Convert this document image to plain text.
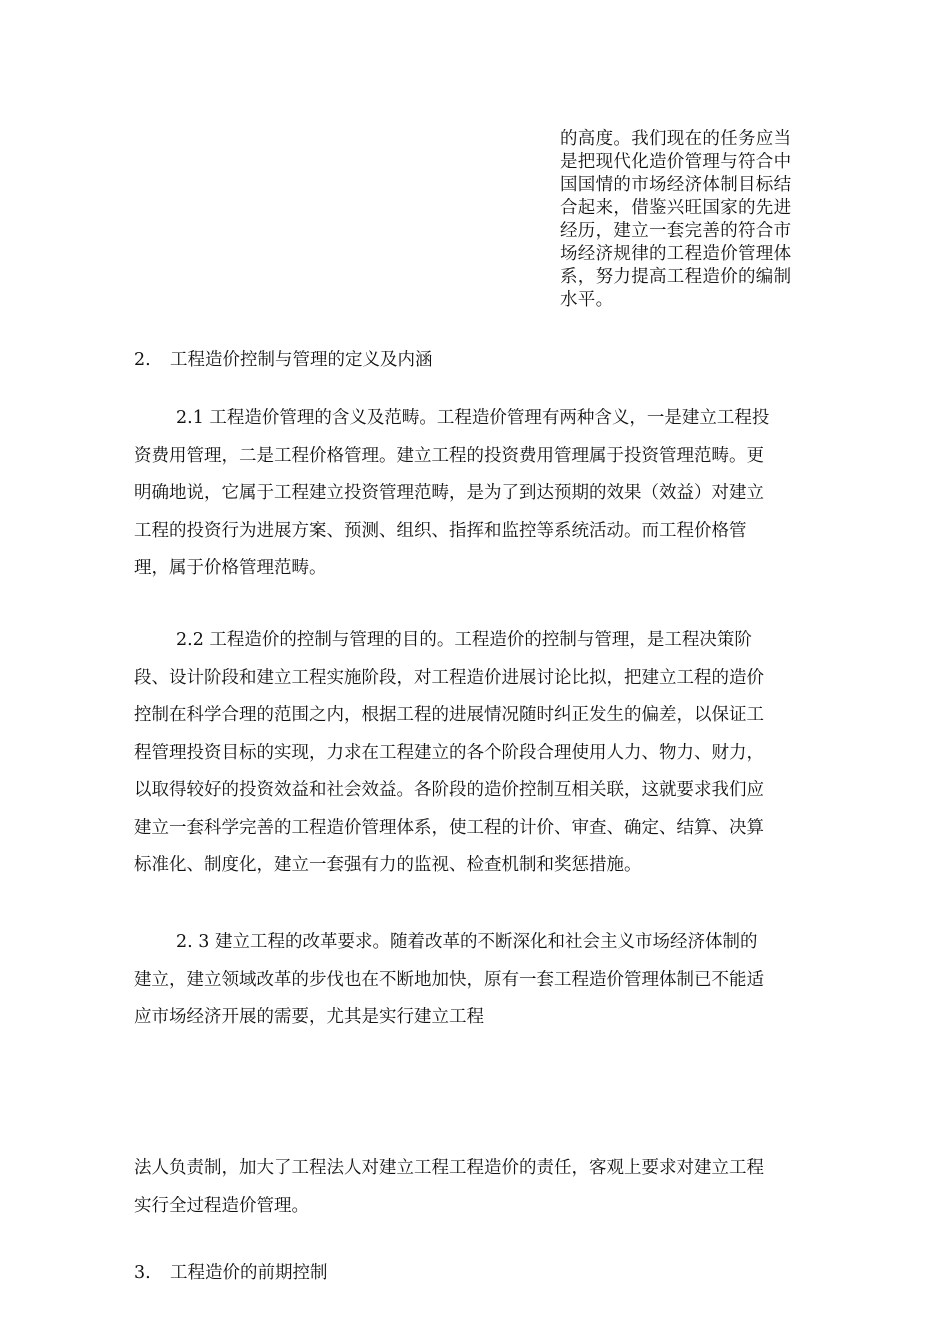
的高度。我们现在的任务应当

是把现代化造价管理与符合中

国国情的市场经济体制目标结

合起来，借鉴兴旺国家的先进

经历，建立一套完善的符合市

场经济规律的工程造价管理体

系，努力提高工程造价的编制

水平。

2.	工程造价控制与管理的定义及内涵
2.1 工程造价管理的含义及范畴。工程造价管理有两种含义，一是建立工程投
资费用管理，二是工程价格管理。建立工程的投资费用管理属于投资管理范畴。更
明确地说，它属于工程建立投资管理范畴，是为了到达预期的效果（效益）对建立
工程的投资行为进展方案、预测、组织、指挥和监控等系统活动。而工程价格管
理，属于价格管理范畴。
2.2 工程造价的控制与管理的目的。工程造价的控制与管理，是工程决策阶
段、设计阶段和建立工程实施阶段，对工程造价进展讨论比拟，把建立工程的造价
控制在科学合理的范围之内，根据工程的进展情况随时纠正发生的偏差，以保证工
程管理投资目标的实现，力求在工程建立的各个阶段合理使用人力、物力、财力，
以取得较好的投资效益和社会效益。各阶段的造价控制互相关联，这就要求我们应
建立一套科学完善的工程造价管理体系，使工程的计价、审查、确定、结算、决算
标准化、制度化，建立一套强有力的监视、检查机制和奖惩措施。
2. 3 建立工程的改革要求。随着改革的不断深化和社会主义市场经济体制的
建立，建立领域改革的步伐也在不断地加快，原有一套工程造价管理体制已不能适
应市场经济开展的需要，尤其是实行建立工程
法人负责制，加大了工程法人对建立工程工程造价的责任，客观上要求对建立工程
实行全过程造价管理。
3.	工程造价的前期控制
